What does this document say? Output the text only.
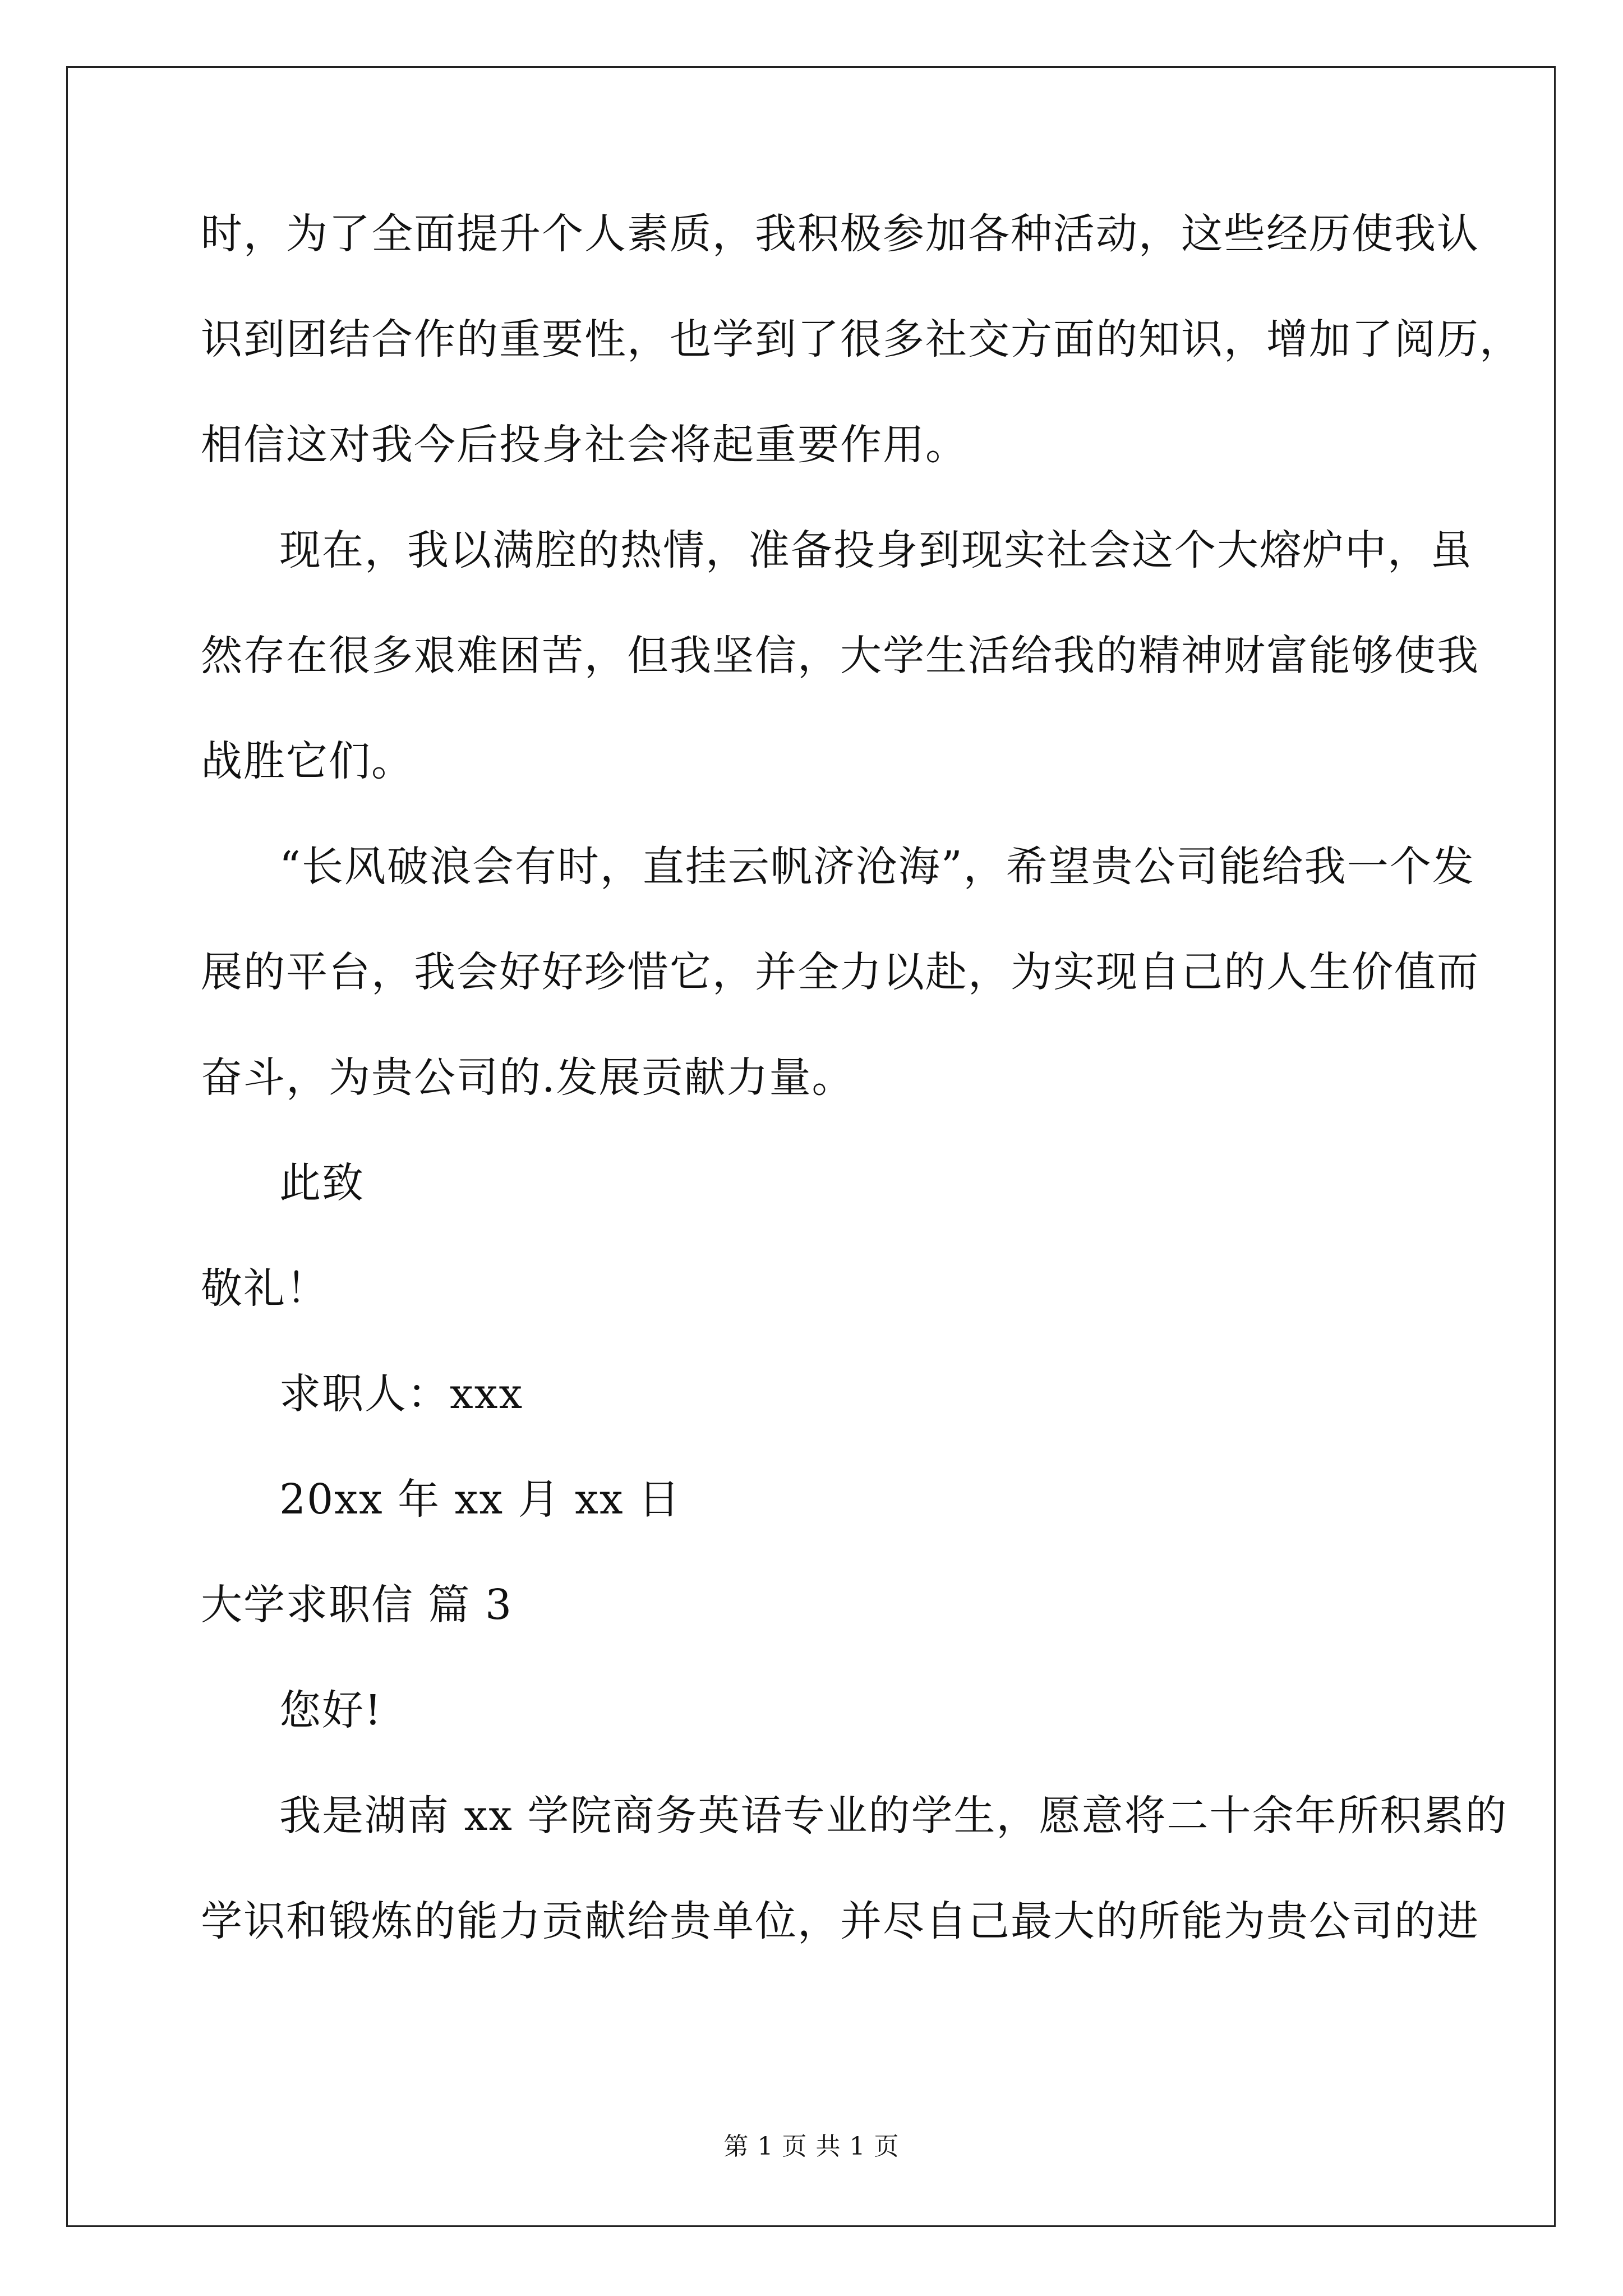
时，为了全面提升个人素质，我积极参加各种活动，这些经历使我认
识到团结合作的重要性，也学到了很多社交方面的知识，增加了阅历，
相信这对我今后投身社会将起重要作用。
现在，我以满腔的热情，准备投身到现实社会这个大熔炉中，虽
然存在很多艰难困苦，但我坚信，大学生活给我的精神财富能够使我
战胜它们。
“长风破浪会有时，直挂云帆济沧海”，希望贵公司能给我一个发
展的平台，我会好好珍惜它，并全力以赴，为实现自己的人生价值而
奋斗，为贵公司的.发展贡献力量。
此致
敬礼！
求职人：xxx
20xx 年 xx 月 xx 日
大学求职信 篇 3
您好!
我是湖南 xx 学院商务英语专业的学生，愿意将二十余年所积累的
学识和锻炼的能力贡献给贵单位，并尽自己最大的所能为贵公司的进
第 1 页 共 1 页
